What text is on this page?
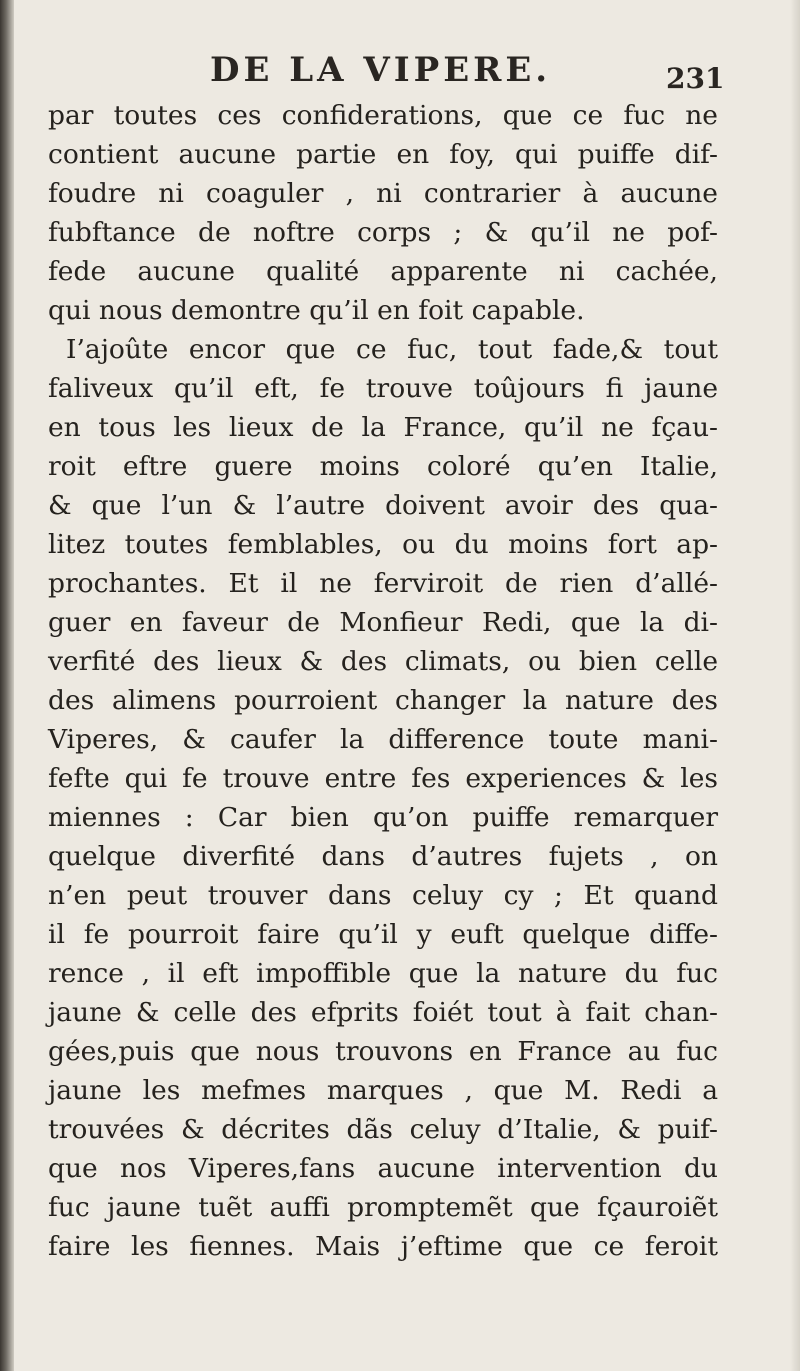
DE LA VIPERE.	231
par toutes ces confiderations, que ce fuc ne
contient aucune partie en foy, qui puiffe dif-
foudre ni coaguler , ni contrarier à aucune
fubftance de noftre corps ; & qu’il ne pof-
fede aucune qualité apparente ni cachée,
qui nous demontre qu’il en foit capable.
I’ajoûte encor que ce fuc, tout fade,& tout
faliveux qu’il eft, fe trouve toûjours fi jaune
en tous les lieux de la France, qu’il ne fçau-
roit eftre guere moins coloré qu’en Italie,
& que l’un & l’autre doivent avoir des qua-
litez toutes femblables, ou du moins fort ap-
prochantes. Et il ne ferviroit de rien d’allé-
guer en faveur de Monfieur Redi, que la di-
verfité des lieux & des climats, ou bien celle
des alimens pourroient changer la nature des
Viperes, & caufer la difference toute mani-
fefte qui fe trouve entre fes experiences & les
miennes : Car bien qu’on puiffe remarquer
quelque diverfité dans d’autres fujets , on
n’en peut trouver dans celuy cy ; Et quand
il fe pourroit faire qu’il y euft quelque diffe-
rence , il eft impoffible que la nature du fuc
jaune & celle des efprits foiét tout à fait chan-
gées,puis que nous trouvons en France au fuc
jaune les mefmes marques , que M. Redi a
trouvées & décrites dãs celuy d’Italie, & puif-
que nos Viperes,fans aucune intervention du
fuc jaune tuẽt auffi promptemẽt que fçauroiẽt
faire les fiennes. Mais j’eftime que ce feroit
